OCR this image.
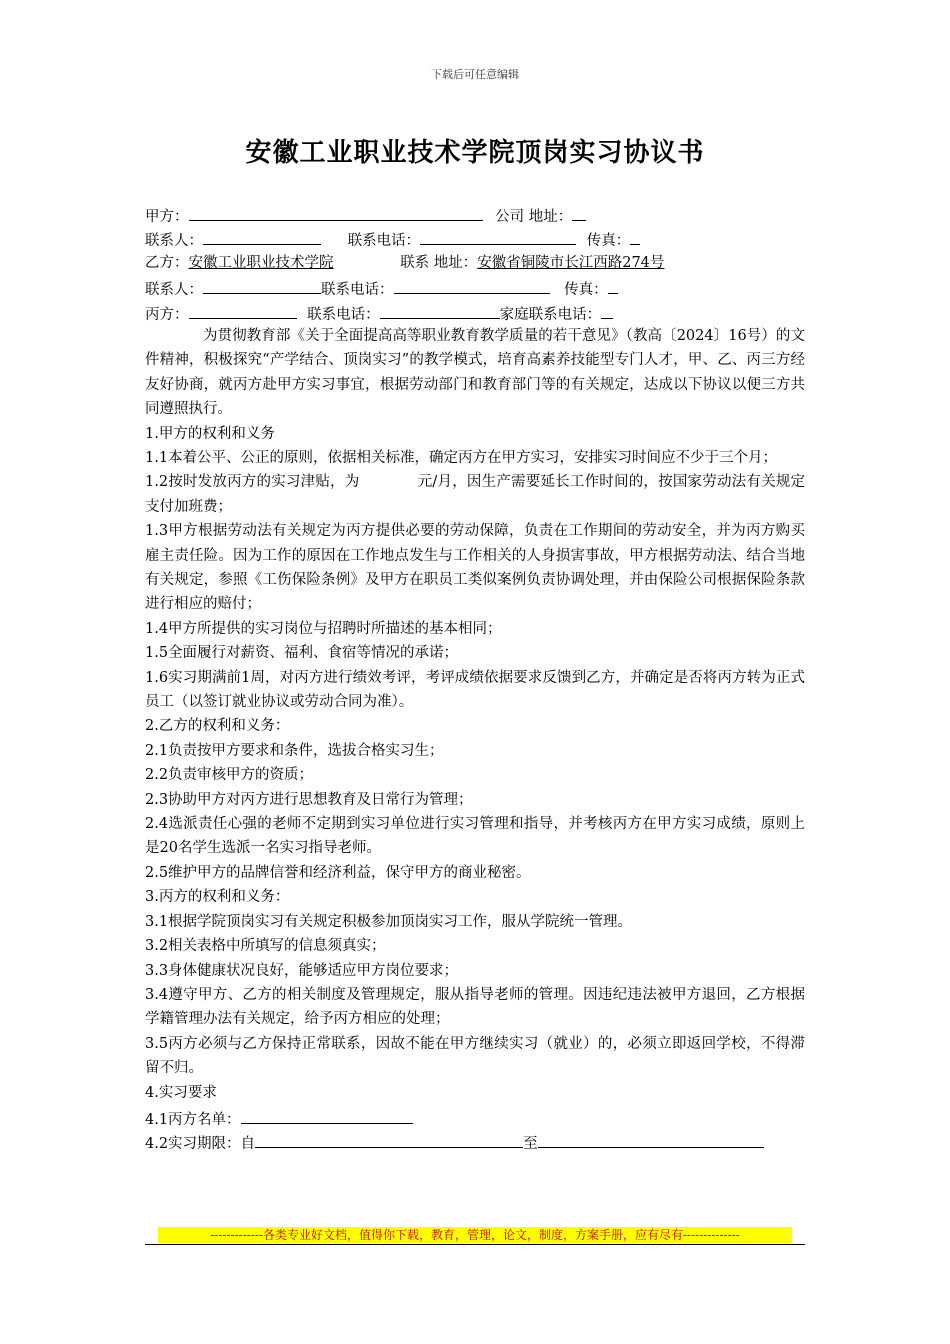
下载后可任意编辑
安徽工业职业技术学院顶岗实习协议书
甲方：	公司 地址：
联系人：	联系电话：	传真：
乙方：安徽工业职业技术学院	联系 地址：安徽省铜陵市长江西路274号
联系人：	联系电话：	传真：
丙方：	联系电话：	家庭联系电话：

为贯彻教育部《关于全面提高高等职业教育教学质量的若干意见》（教高〔2024〕16号）的文件精神，积极探究“产学结合、顶岗实习”的教学模式，培育高素养技能型专门人才，甲、乙、丙三方经友好协商，就丙方赴甲方实习事宜，根据劳动部门和教育部门等的有关规定，达成以下协议以便三方共同遵照执行。

1.甲方的权利和义务

1.1本着公平、公正的原则，依据相关标准，确定丙方在甲方实习，安排实习时间应不少于三个月；

1.2按时发放丙方的实习津贴，为	元/月，因生产需要延长工作时间的，按国家劳动法有关规定支付加班费；

1.3甲方根据劳动法有关规定为丙方提供必要的劳动保障，负责在工作期间的劳动安全，并为丙方购买雇主责任险。因为工作的原因在工作地点发生与工作相关的人身损害事故，甲方根据劳动法、结合当地有关规定，参照《工伤保险条例》及甲方在职员工类似案例负责协调处理，并由保险公司根据保险条款进行相应的赔付；

1.4甲方所提供的实习岗位与招聘时所描述的基本相同；

1.5全面履行对薪资、福利、食宿等情况的承诺；

1.6实习期满前1周，对丙方进行绩效考评，考评成绩依据要求反馈到乙方，并确定是否将丙方转为正式员工（以签订就业协议或劳动合同为准）。

2.乙方的权利和义务：

2.1负责按甲方要求和条件，选拔合格实习生；

2.2负责审核甲方的资质；

2.3协助甲方对丙方进行思想教育及日常行为管理；

2.4选派责任心强的老师不定期到实习单位进行实习管理和指导，并考核丙方在甲方实习成绩，原则上是20名学生选派一名实习指导老师。

2.5维护甲方的品牌信誉和经济利益，保守甲方的商业秘密。

3.丙方的权利和义务：

3.1根据学院顶岗实习有关规定积极参加顶岗实习工作，服从学院统一管理。

3.2相关表格中所填写的信息须真实；

3.3身体健康状况良好，能够适应甲方岗位要求；

3.4遵守甲方、乙方的相关制度及管理规定，服从指导老师的管理。因违纪违法被甲方退回，乙方根据学籍管理办法有关规定，给予丙方相应的处理；

3.5丙方必须与乙方保持正常联系，因故不能在甲方继续实习（就业）的，必须立即返回学校，不得滞留不归。

4.实习要求

4.1丙方名单：
4.2实习期限：自	至
-------------各类专业好文档，值得你下载，教育，管理，论文，制度，方案手册，应有尽有--------------
